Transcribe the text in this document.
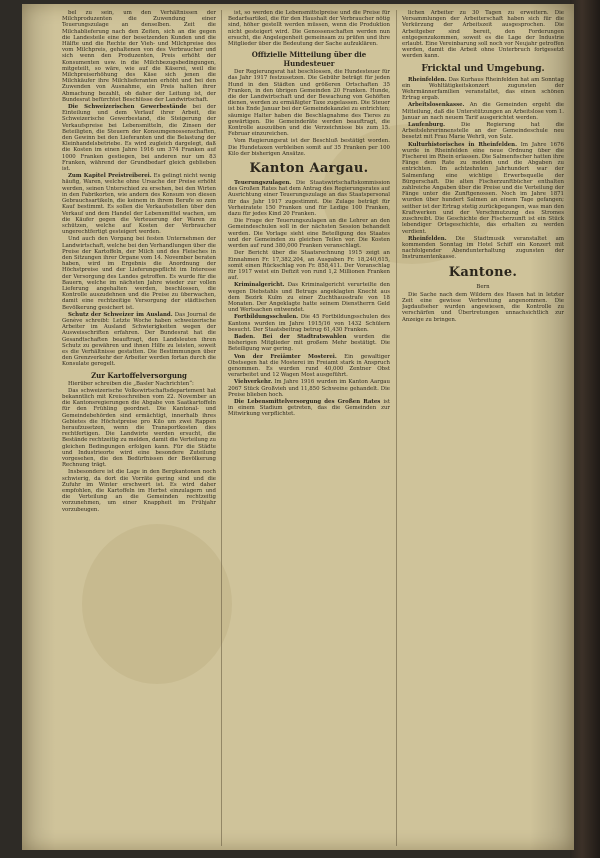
bel zu sein, um den Verhältnissen der Milchproduzenten die Zuwendung einer Teuerungszulage an denselben. Zeit die Milchablieferung nach den Zeiten, sich an die gegen die Landesteile eine der besetzenden Kunden und die Hälfte und die Rechte der Vieh- und Milchpreise des vom Milchpreis, gehaltenen von des Verbraucher und sich wenn den Produzenten, Preis erhöht der Konsumenten usw. in die Milchbezugsbedingungen, mitgeteilt, so wäre, wie auf die Käserei, weil die Milchpreiserhöhung des Käse sich jenen die Milchkäufer ihre Milchlieferanten erhöht und bei den Zuwenden von Ausnahme, ein Preis halten ihrer Abmachung bezahlt, ob daher der Leitung ist, der Bundesrat befürchtet Beschlüsse der Landwirtschaft.

Die Schweizerischen Gewerbestände bei der Einteilung und dem Verlauf ihrer Arbeit, die Schweizerische Gewerbestand, die Steigerung der Verkaufspreise bei Lebensmitteln, die Zinsen der Beteiligten, die Steuern der Konsumgenossenschaften, den Gewinn bei den Lieferanten und die Belastung der Kleinhandelsbetriebe. Es wird zugleich dargelegt, daß die Kosten im einen Jahre 1916 um 374 Franken auf 1000 Franken gestiegen, bei anderen nur um 83 Franken, während der Grundbedarf gleich geblieben ist.

Zum Kapitel Preistreiberei. Es gelingt nicht wenig häufig, Waren, welche ohne Ursache der Preise erhöht werden, seinen Unterschied zu ersehen, bei den Wirten in den Fabrikorten, wie andern des Konsum von diesen Gebrauchsartikeln, die keinem in ihrem Berufe so zum Kauf bestimmt. Es sollen die Verkaufsstellen über den Verkauf und dem Handel der Lebensmittel wachen, um die Käufer gegen die Verteuerung der Waren zu schützen, welche auf Kosten der Verbraucher ungerechtfertigt gesteigert werden.

Und auch den Vorgang bei festen Unternehmen der Landwirtschaft, welche bei den Verhandlungen über die Preise der Kartoffeln, der Milch und des Fleisches in den Sitzungen ihrer Organe vom 14. November beraten haben, wird im Ergebnis die Anordnung der Höchstpreise und der Lieferungspflicht im Interesse der Versorgung des Landes getroffen. Es wurde für die Bauern, welche im nächsten Jahre wieder zur vollen Lieferung angehalten werden, beschlossen, die Kontrolle auszudehnen und die Preise zu überwachen, damit eine rechtzeitige Versorgung der städtischen Bevölkerung gesichert ist.

Schutz der Schweizer im Ausland. Das Journal de Genève schreibt: Letzte Woche haben schweizerische Arbeiter im Ausland Schwierigkeiten wegen der Ausweisschriften erfahren. Der Bundesrat hat die Gesandtschaften beauftragt, den Landsleuten ihren Schutz zu gewähren und ihnen Hilfe zu leisten, soweit es die Verhältnisse gestatten. Die Bestimmungen über den Grenzverkehr der Arbeiter werden fortan durch die Konsulate geregelt.

Zur Kartoffelversorgung

Hierüber schreiben die „Basler Nachrichten“:

Das schweizerische Volkswirtschaftsdepartement hat bekanntlich mit Kreisschreiben vom 22. November an die Kantonsregierungen die Abgabe von Saatkartoffeln für den Frühling geordnet. Die Kantonal- und Gemeindebehörden sind ermächtigt, innerhalb ihres Gebietes die Höchstpreise pro Kilo um zwei Rappen heraufzusetzen, wenn die Transportkosten dies rechtfertigen. Die Landwirte werden ersucht, die Bestände rechtzeitig zu melden, damit die Verteilung zu gleichen Bedingungen erfolgen kann. Für die Städte und Industrieorte wird eine besondere Zuteilung vorgesehen, die den Bedürfnissen der Bevölkerung Rechnung trägt.

Insbesondere ist die Lage in den Bergkantonen noch schwierig, da dort die Vorräte gering sind und die Zufuhr im Winter erschwert ist. Es wird daher empfohlen, die Kartoffeln im Herbst einzulagern und die Verteilung an die Gemeinden rechtzeitig vorzunehmen, um einer Knappheit im Frühjahr vorzubeugen.

ist, so werden die Lebensmittelpreise und die Preise für Bedarfsartikel, die für den Haushalt der Verbraucher nötig sind, höher gestellt werden müssen, wenn die Produktion nicht gesteigert wird. Die Genossenschaften werden nun ersucht, die Angelegenheit gemeinsam zu prüfen und ihre Mitglieder über die Bedeutung der Sache aufzuklären.

Offizielle Mitteilung über die Hundesteuer

Der Regierungsrat hat beschlossen, die Hundesteuer für das Jahr 1917 festzusetzen. Die Gebühr beträgt für jeden Hund in den Städten und größeren Ortschaften 35 Franken, in den übrigen Gemeinden 20 Franken. Hunde, die der Landwirtschaft und der Bewachung von Gehöften dienen, werden zu ermäßigter Taxe zugelassen. Die Steuer ist bis Ende Januar bei der Gemeindekanzlei zu entrichten; säumige Halter haben die Beschlagnahme des Tieres zu gewärtigen. Die Gemeinderäte werden beauftragt, die Kontrolle auszuüben und die Verzeichnisse bis zum 15. Februar einzureichen.

Vom Regierungsrat ist der Beschluß bestätigt worden. Die Hundetaxen verbleiben somit auf 35 Franken per 100 Kilo der bisherigen Ansätze.

Kanton Aargau.

Teuerungszulagen. Die Staatswirtschaftskommission des Großen Rates hat dem Antrag des Regierungsrates auf Ausrichtung einer Teuerungszulage an das Staatspersonal für das Jahr 1917 zugestimmt. Die Zulage beträgt für Verheiratete 150 Franken und für Ledige 100 Franken, dazu für jedes Kind 20 Franken.

Die Frage der Teuerungszulagen an die Lehrer an den Gemeindeschulen soll in der nächsten Session behandelt werden. Die Vorlage sieht eine Beteiligung des Staates und der Gemeinden zu gleichen Teilen vor. Die Kosten werden auf rund 380,000 Franken veranschlagt.

Der Bericht über die Staatsrechnung 1915 zeigt an Einnahmen Fr. 17,382,204, an Ausgaben Fr. 18,240,615, somit einen Rückschlag von Fr. 858,411. Der Voranschlag für 1917 weist ein Defizit von rund 1,2 Millionen Franken auf.

Kriminalgericht. Das Kriminalgericht verurteilte den wegen Diebstahls und Betrugs angeklagten Knecht aus dem Bezirk Kulm zu einer Zuchthausstrafe von 18 Monaten. Der Angeklagte hatte seinem Dienstherrn Geld und Wertsachen entwendet.

Fortbildungsschulen. Die 45 Fortbildungsschulen des Kantons wurden im Jahre 1915/16 von 1432 Schülern besucht. Der Staatsbeitrag betrug 61,430 Franken.

Baden. Bei der Stadtratswahlen wurden die bisherigen Mitglieder mit großem Mehr bestätigt. Die Beteiligung war gering.

Von der Freiämter Mosterei. Ein gewaltiger Obstsegen hat die Mosterei im Freiamt stark in Anspruch genommen. Es wurden rund 40,000 Zentner Obst verarbeitet und 12 Wagen Most ausgeführt.

Viehverkehr. Im Jahre 1916 wurden im Kanton Aargau 2067 Stück Großvieh und 11,850 Schweine gehandelt. Die Preise blieben hoch.

Die Lebensmittelversorgung des Großen Rates ist in einem Stadium getreten, das die Gemeinden zur Mitwirkung verpflichtet.

lichen Arbeiter zu 30 Tagen zu erweitern. Die Versammlungen der Arbeiterschaft haben sich für die Verkürzung der Arbeitszeit ausgesprochen. Die Arbeitgeber sind bereit, den Forderungen entgegenzukommen, soweit es die Lage der Industrie erlaubt. Eine Vereinbarung soll noch vor Neujahr getroffen werden, damit die Arbeit ohne Unterbruch fortgesetzt werden kann.

Fricktal und Umgebung.

Rheinfelden. Das Kurhaus Rheinfelden hat am Sonntag ein Wohltätigkeitskonzert zugunsten der Wehrmännerfamilien veranstaltet, das einen schönen Ertrag ergab.

Arbeitslosenkasse. An die Gemeinden ergeht die Mitteilung, daß die Unterstützungen an Arbeitslose vom 1. Januar an nach neuem Tarif ausgerichtet werden.

Laufenburg.	Die Regierung hat die Arbeitslehrerinnenstelle an der Gemeindeschule neu besetzt mit Frau Marie Wehrli, von Sulz.

Kulturhistorisches in Rheinfelden. Im Jahre 1676 wurde in Rheinfelden eine neue Ordnung über die Fischerei im Rhein erlassen. Die Salmenfischer hatten ihre Fänge dem Rate zu melden und die Abgaben zu entrichten. Im achtzehnten Jahrhundert war der Salmenfang eine wichtige Erwerbsquelle der Bürgerschaft. Die alten Fischerzunftbücher enthalten zahlreiche Angaben über die Preise und die Verteilung der Fänge unter die Zunftgenossen. Noch im Jahre 1871 wurden über hundert Salmen an einem Tage gefangen; seither ist der Ertrag stetig zurückgegangen, was man den Kraftwerken und der Verschmutzung des Stromes zuschreibt. Die Geschichte der Fischerzunft ist ein Stück lebendiger Ortsgeschichte, das erhalten zu werden verdient.

Rheinfelden. Die Stadtmusik veranstaltet am kommenden Sonntag im Hotel Schiff ein Konzert mit nachfolgender Abendunterhaltung zugunsten der Instrumentenkasse.

Kantone.
Bern

Die Sache nach dem Wildern des Hasen hat in letzter Zeit eine gewisse Verbreitung angenommen. Die Jagdaufseher wurden angewiesen, die Kontrolle zu verschärfen und Übertretungen unnachsichtlich zur Anzeige zu bringen.
